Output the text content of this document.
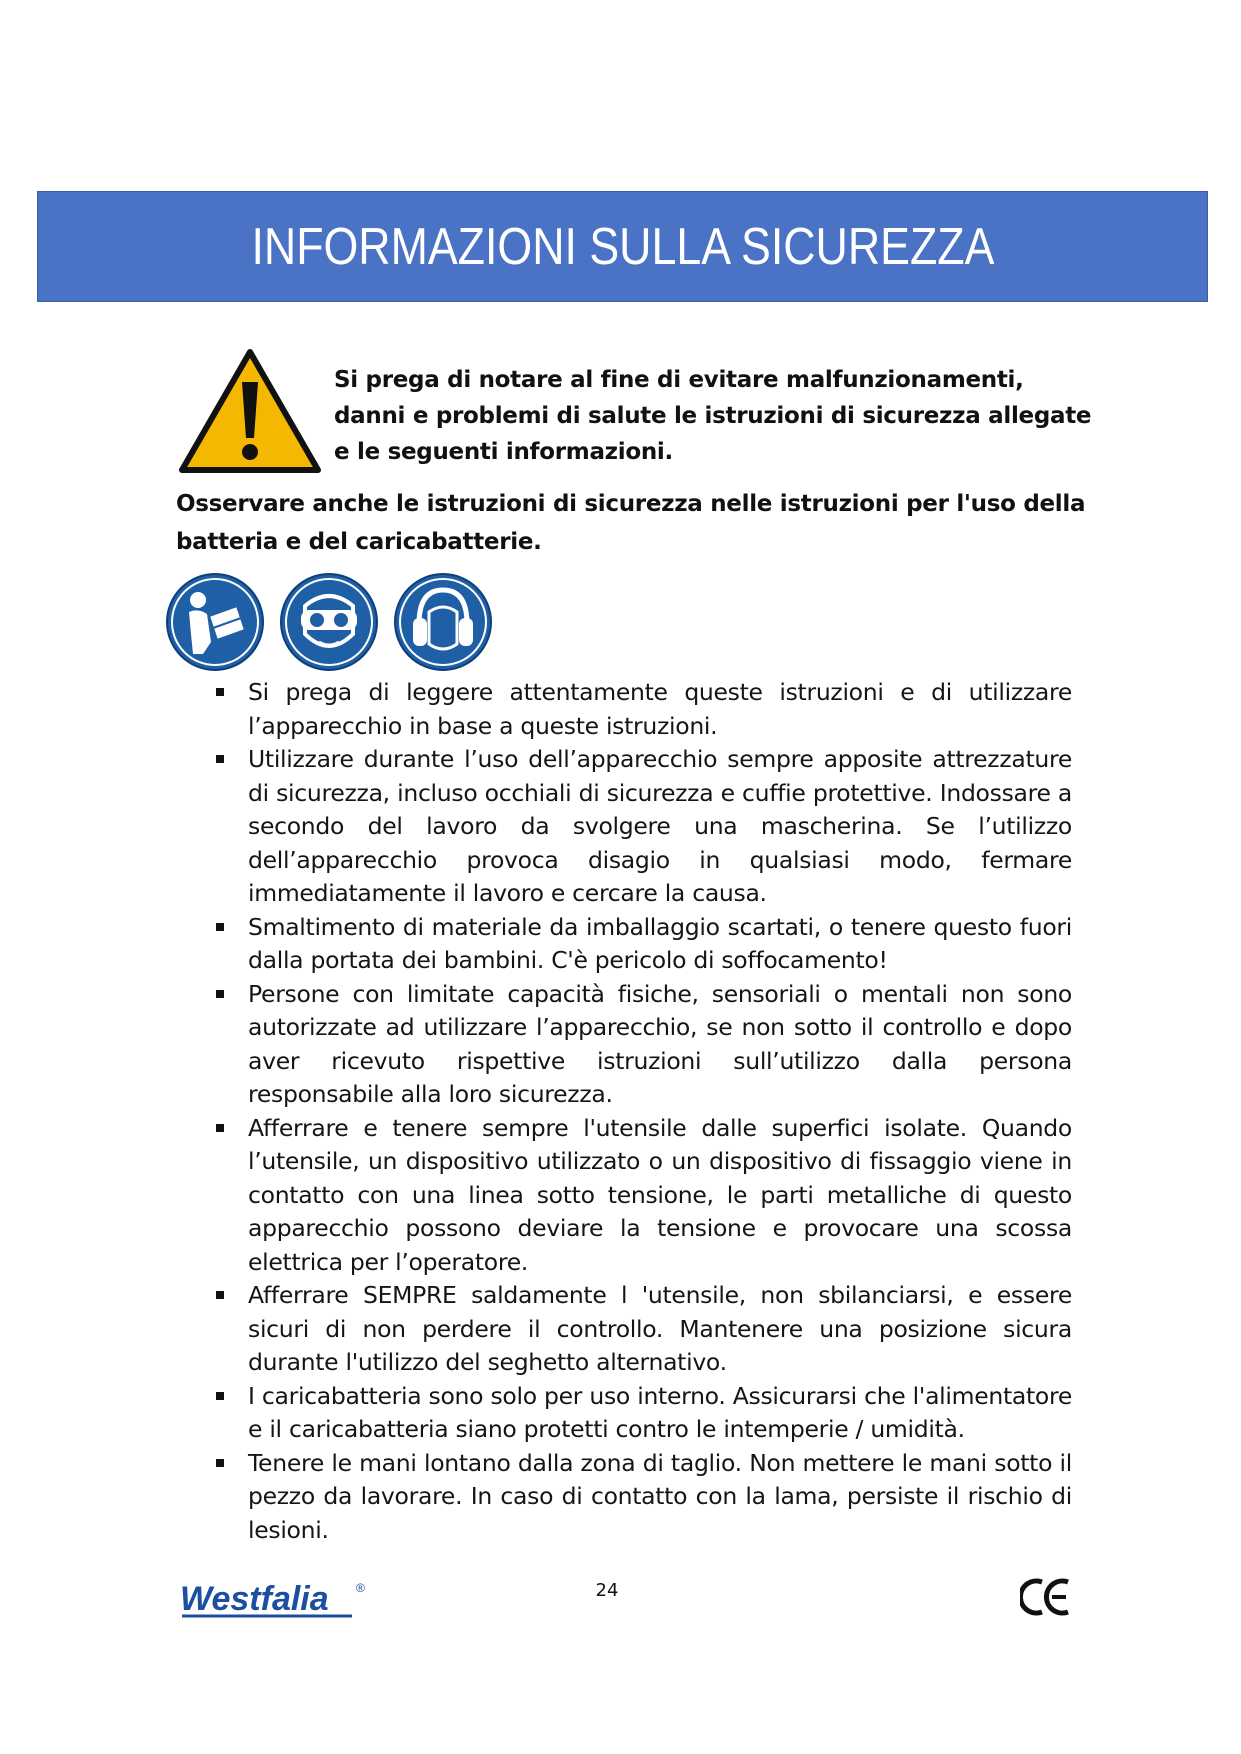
INFORMAZIONI SULLA SICUREZZA
Si prega di notare al fine di evitare malfunzionamenti, danni e problemi di salute le istruzioni di sicurezza allegate e le seguenti informazioni.
Osservare anche le istruzioni di sicurezza nelle istruzioni per l'uso della batteria e del caricabatterie.
Si prega di leggere attentamente queste istruzioni e di utilizzare l’apparecchio in base a queste istruzioni.
Utilizzare durante l’uso dell’apparecchio sempre apposite attrezzature di sicurezza, incluso occhiali di sicurezza e cuffie protettive. Indossare a secondo del lavoro da svolgere una mascherina. Se l’utilizzo dell’apparecchio provoca disagio in qualsiasi modo, fermare immediatamente il lavoro e cercare la causa.
Smaltimento di materiale da imballaggio scartati, o tenere questo fuori dalla portata dei bambini. C'è pericolo di soffocamento!
Persone con limitate capacità fisiche, sensoriali o mentali non sono autorizzate ad utilizzare l’apparecchio, se non sotto il controllo e dopo aver ricevuto rispettive istruzioni sull’utilizzo dalla persona responsabile alla loro sicurezza.
Afferrare e tenere sempre l'utensile dalle superfici isolate. Quando l’utensile, un dispositivo utilizzato o un dispositivo di fissaggio viene in contatto con una linea sotto tensione, le parti metalliche di questo apparecchio possono deviare la tensione e provocare una scossa elettrica per l’operatore.
Afferrare SEMPRE saldamente l 'utensile, non sbilanciarsi, e essere sicuri di non perdere il controllo. Mantenere una posizione sicura durante l'utilizzo del seghetto alternativo.
I caricabatteria sono solo per uso interno. Assicurarsi che l'alimentatore e il caricabatteria siano protetti contro le intemperie / umidità.
Tenere le mani lontano dalla zona di taglio. Non mettere le mani sotto il pezzo da lavorare. In caso di contatto con la lama, persiste il rischio di lesioni.
Westfalia ®	24
